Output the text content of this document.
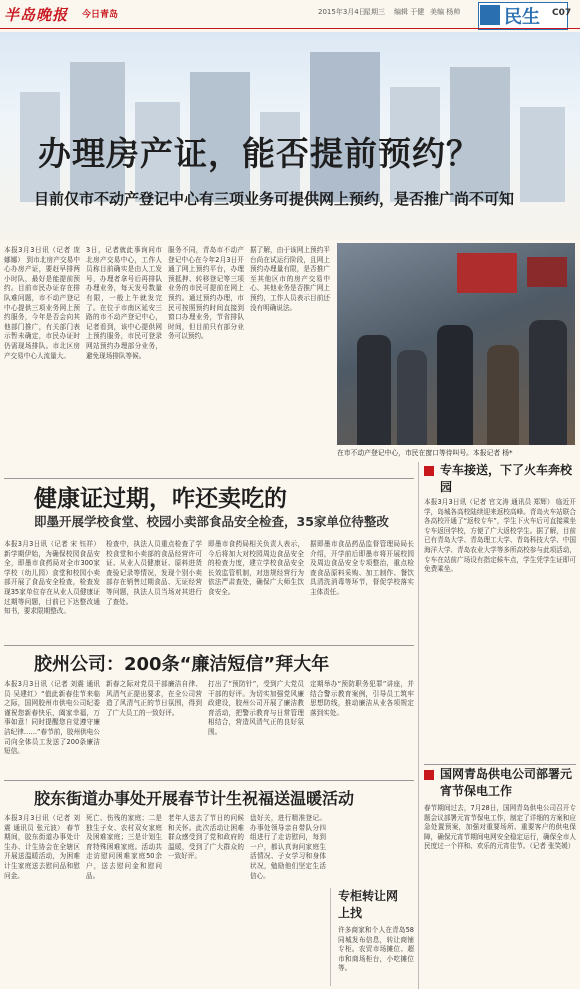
半岛晚报 今日青岛	2015年3月4日
星期三 编辑 于健 美编 杨帅 民生 C07
办理房产证，能否提前预约？
目前仅市不动产登记中心有三项业务可提供网上预约，是否推广尚不可知
本报3月3日讯（记者 庞娜娜） 到市北房产交易中心办房产证，要赶早排两小时队，最好是能提前预约。目前市民办证存在排队难问题，市不动产登记中心提供三项业务网上预约服务，今年是否会向其他部门推广，有关部门表示暂未确定，市民办证时仍需现场排队。市北区房产交易中心人流量大。
3日，记者就此事询问市北房产交易中心，工作人员称目前确实是由人工发号，办理者拿号后再排队办理业务，每天发号数量有限，一般上午就发完了。在位于市南区延安三路的市不动产登记中心，记者看到，该中心提供网上预约服务，市民可登录网站预约办理部分业务，避免现场排队等候。
服务不同，青岛市不动产登记中心在今年2月3日开通了网上预约平台，办理预抵押、转移登记等三项业务的市民可提前在网上预约。通过预约办理，市民可按照预约时间直接到窗口办理业务，节省排队时间，但目前只有部分业务可以预约。
据了解，由于该网上预约平台尚在试运行阶段，且网上预约办理量有限，是否推广至其他区市的房产交易中心、其他业务是否推广网上预约，工作人员表示目前还没有明确说法。
在市不动产登记中心，市民在窗口等待叫号。本报记者 杨*
健康证过期，咋还卖吃的
即墨开展学校食堂、校园小卖部食品安全检查，35家单位待整改
本报3月3日讯（记者 宋 钰祥） 新学期伊始，为确保校园食品安全，即墨市食药局对全市300家学校（幼儿园）食堂和校园小卖部开展了食品安全检查，检查发现35家单位存在从业人员健康证过期等问题，目前已下达整改通知书，要求限期整改。
检查中，执法人员重点检查了学校食堂和小卖部的食品经营许可证、从业人员健康证、原料进货查验记录等情况，发现个别小卖部存在销售过期食品、无证经营等问题，执法人员当场对其进行了查处。
即墨市食药局相关负责人表示，今后将加大对校园周边食品安全的检查力度，建立学校食品安全长效监管机制，对违规经营行为依法严肃查处，确保广大师生饮食安全。
据即墨市食品药品监督管理局局长介绍，开学前后即墨市将开展校园及周边食品安全专项整治，重点检查食品原料采购、加工制作、餐饮具清洗消毒等环节，督促学校落实主体责任。
胶州公司：200条“廉洁短信”拜大年
本报3月3日讯（记者 刘震 通讯员 吴建红）“值此新春佳节来临之际，国网胶州市供电公司纪委谨祝您新春快乐，阖家幸福，万事如意！同时提醒您自觉遵守廉洁纪律……”春节前，胶州供电公司向全体员工发送了200条廉洁短信。
新春之际对党员干部廉洁自律、风清气正提出要求，在全公司营造了风清气正的节日氛围，得到了广大员工的一致好评。
打出了“预防针”，受到广大党员干部的好评。为切实加强党风廉政建设，胶州公司开展了廉洁教育活动，把警示教育与日常管理相结合，营造风清气正的良好氛围。
定期举办“预防职务犯罪”讲座，并结合警示教育案例，引导员工筑牢思想防线，推动廉洁从业各项规定落到实处。
胶东街道办事处开展春节计生祝福送温暖活动
本报3月3日讯（记者 刘震 通讯员 张元波） 春节期间，胶东街道办事处计生办、计生协会在全辖区开展送温暖活动，为困难计生家庭送去慰问品和慰问金。
死亡、伤残的家庭；二是独生子女、农村双女家庭及困难家庭；三是计划生育特殊困难家庭。活动共走访慰问困难家庭50余户，送去慰问金和慰问品。
老年人送去了节日的问候和关怀。此次活动让困难群众感受到了党和政府的温暖，受到了广大群众的一致好评。
盘好关，进行精准登记。办事处领导亲自带队分四组进行了走访慰问，每到一户，都认真询问家庭生活情况、子女学习和身体状况，勉励他们坚定生活信心。
专柜转让网上找
许多商家和个人在青岛58同城发布信息，转让商铺专柜。农贸市场摊位、超市和商场柜台，小吃摊位等。
专车接送，下了火车奔校园
本报3月3日讯（记者 官文涛 通讯员 郑辉） 临近开学，岛城各高校陆续迎来返校高峰。青岛火车站联合各高校开通了“返校专车”，学生下火车后可直接乘坐专车返回学校，方便了广大返校学生。据了解，目前已有青岛大学、青岛理工大学、青岛科技大学、中国海洋大学、青岛农业大学等多所高校参与此项活动，专车在站前广场设有指定候车点，学生凭学生证即可免费乘坐。
国网青岛供电公司部署元宵节保电工作
春节期间过去，7月28日，国网青岛供电公司召开专题会议部署元宵节保电工作，制定了详细的方案和应急处置预案，加强对重要场所、重要客户的供电保障，确保元宵节期间电网安全稳定运行，确保全市人民度过一个祥和、欢乐的元宵佳节。（记者 张笑媛）
